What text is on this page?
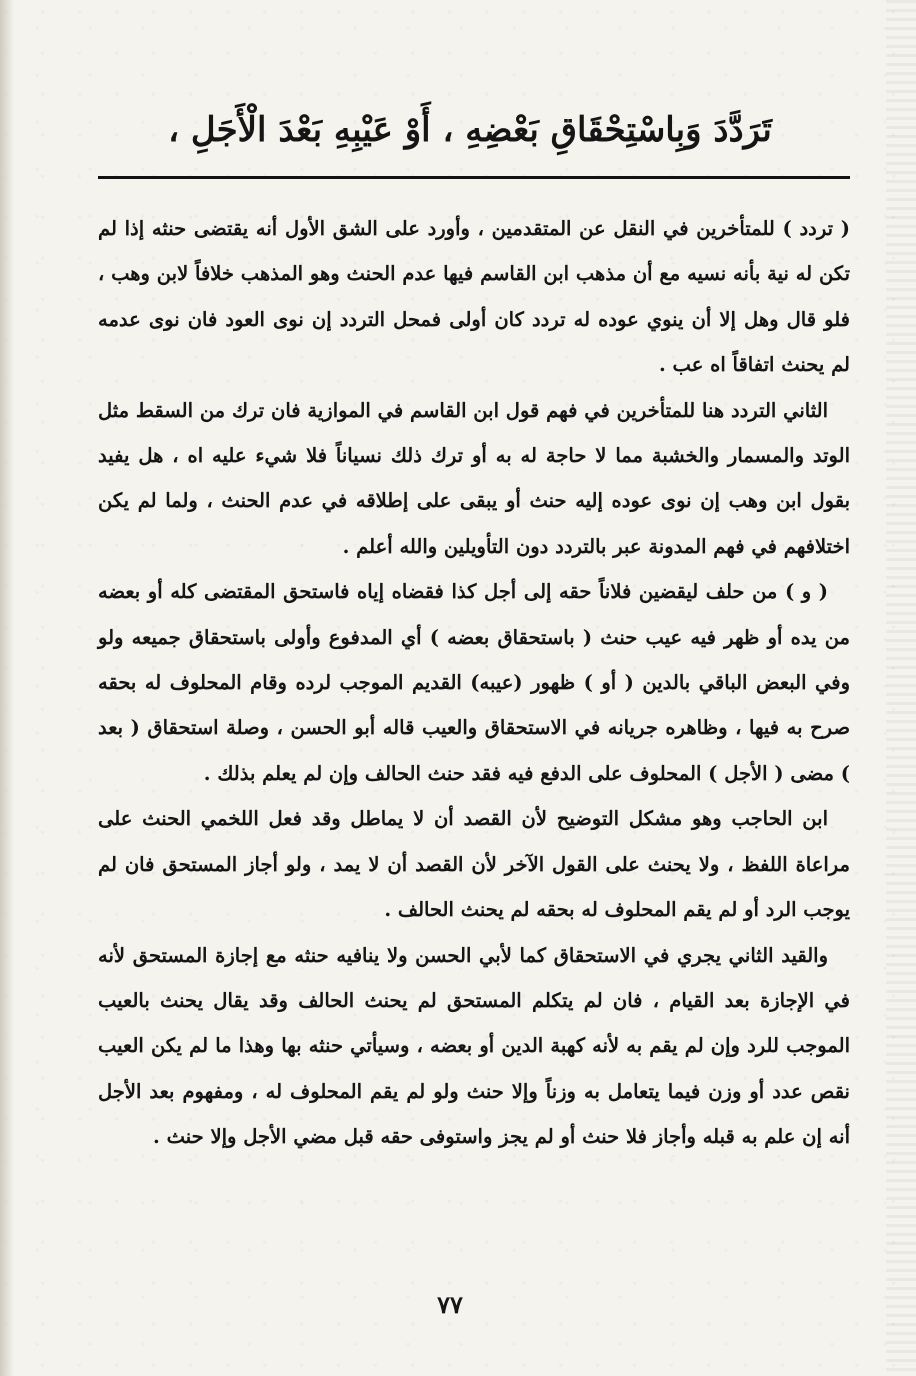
تَرَدَّدَ وَبِاسْتِحْقَاقِ بَعْضِهِ ، أَوْ عَيْبِهِ بَعْدَ الْأَجَلِ ،

( تردد ) للمتأخرين في النقل عن المتقدمين ، وأورد على الشق الأول أنه يقتضى حنثه إذا لم تكن له نية بأنه نسيه مع أن مذهب ابن القاسم فيها عدم الحنث وهو المذهب خلافاً لابن وهب ، فلو قال وهل إلا أن ينوي عوده له تردد كان أولى فمحل التردد إن نوى العود فان نوى عدمه لم يحنث اتفاقاً اه عب .

الثاني التردد هنا للمتأخرين في فهم قول ابن القاسم في الموازية فان ترك من السقط مثل الوتد والمسمار والخشبة مما لا حاجة له به أو ترك ذلك نسياناً فلا شيء عليه اه ، هل يفيد بقول ابن وهب إن نوى عوده إليه حنث أو يبقى على إطلاقه في عدم الحنث ، ولما لم يكن اختلافهم في فهم المدونة عبر بالتردد دون التأويلين والله أعلم .

( و ) من حلف ليقضين فلاناً حقه إلى أجل كذا فقضاه إياه فاستحق المقتضى كله أو بعضه من يده أو ظهر فيه عيب حنث ( باستحقاق بعضه ) أي المدفوع وأولى باستحقاق جميعه ولو وفي البعض الباقي بالدين ( أو ) ظهور (عيبه) القديم الموجب لرده وقام المحلوف له بحقه صرح به فيها ، وظاهره جريانه في الاستحقاق والعيب قاله أبو الحسن ، وصلة استحقاق ( بعد ) مضى ( الأجل ) المحلوف على الدفع فيه فقد حنث الحالف وإن لم يعلم بذلك .

ابن الحاجب وهو مشكل التوضيح لأن القصد أن لا يماطل وقد فعل اللخمي الحنث على مراعاة اللفظ ، ولا يحنث على القول الآخر لأن القصد أن لا يمد ، ولو أجاز المستحق فان لم يوجب الرد أو لم يقم المحلوف له بحقه لم يحنث الحالف .

والقيد الثاني يجري في الاستحقاق كما لأبي الحسن ولا ينافيه حنثه مع إجازة المستحق لأنه في الإجازة بعد القيام ، فان لم يتكلم المستحق لم يحنث الحالف وقد يقال يحنث بالعيب الموجب للرد وإن لم يقم به لأنه كهبة الدين أو بعضه ، وسيأتي حنثه بها وهذا ما لم يكن العيب نقص عدد أو وزن فيما يتعامل به وزناً وإلا حنث ولو لم يقم المحلوف له ، ومفهوم بعد الأجل أنه إن علم به قبله وأجاز فلا حنث أو لم يجز واستوفى حقه قبل مضي الأجل وإلا حنث .

٧٧
